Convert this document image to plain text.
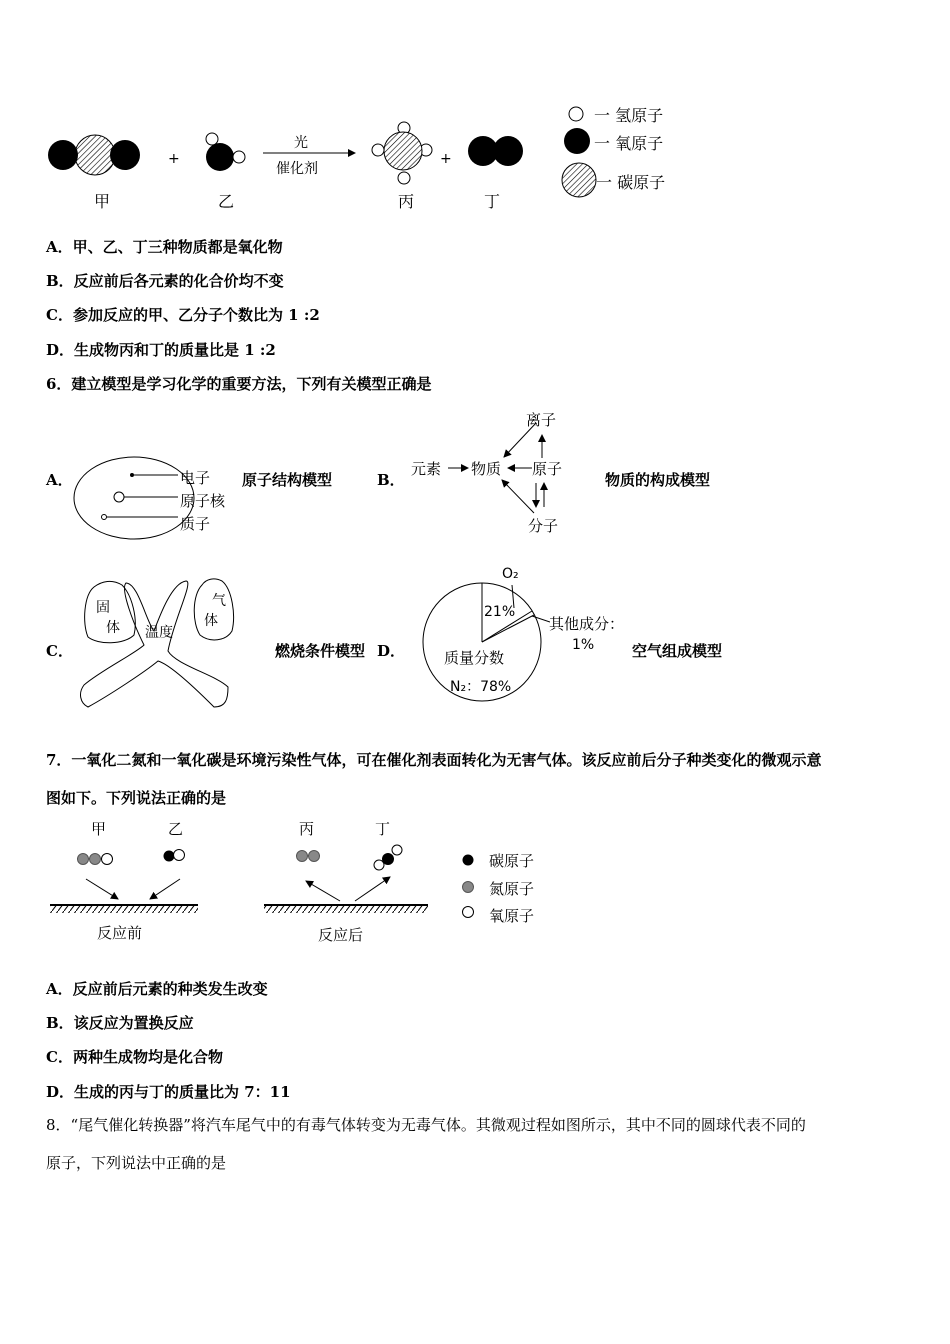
+
光
催化剂
+
甲	乙	丙	丁
一 氢原子
一 氧原子
一 碳原子
A．甲、乙、丁三种物质都是氧化物
B．反应前后各元素的化合价均不变
C．参加反应的甲、乙分子个数比为 1 :2
D．生成物丙和丁的质量比是 1 :2
6．建立模型是学习化学的重要方法，下列有关模型正确是
A．	电子
原子核
质子
原子结构模型	B．
元素 物质 原子
离子
分子
物质的构成模型
C．
固
体 温度
气
体
燃烧条件模型 D．
O₂
21%
其他成分：
1%
质量分数
N₂：78%
空气组成模型
7．一氧化二氮和一氧化碳是环境污染性气体，可在催化剂表面转化为无害气体。该反应前后分子种类变化的微观示意
图如下。下列说法正确的是
甲	乙	丙	丁
反应前	反应后
碳原子
氮原子
氧原子
A．反应前后元素的种类发生改变
B．该反应为置换反应
C．两种生成物均是化合物
D．生成的丙与丁的质量比为 7：11
8．“尾气催化转换器”将汽车尾气中的有毒气体转变为无毒气体。其微观过程如图所示，其中不同的圆球代表不同的
原子，下列说法中正确的是
